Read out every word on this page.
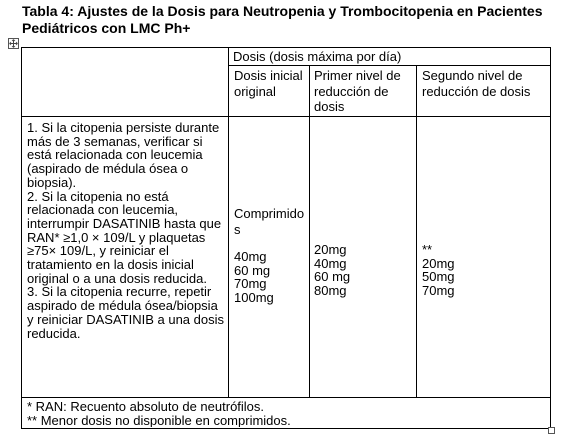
Tabla 4: Ajustes de la Dosis para Neutropenia y Trombocitopenia en Pacientes Pediátricos con LMC Ph+
Dosis (dosis máxima por día)
Dosis inicial original
Primer nivel de reducción de dosis
Segundo nivel de reducción de dosis
1. Si la citopenia persiste durante más de 3 semanas, verificar si está relacionada con leucemia (aspirado de médula ósea o biopsia).
2. Si la citopenia no está relacionada con leucemia, interrumpir DASATINIB hasta que RAN* ≥1,0 × 109/L y plaquetas ≥75× 109/L, y reiniciar el tratamiento en la dosis inicial original o a una dosis reducida.
3. Si la citopenia recurre, repetir aspirado de médula ósea/biopsia y reiniciar DASATINIB a una dosis reducida.
Comprimidos
40mg
60 mg
70mg
100mg
20mg
40mg
60 mg
80mg
**
20mg
50mg
70mg
* RAN: Recuento absoluto de neutrófilos.
** Menor dosis no disponible en comprimidos.
